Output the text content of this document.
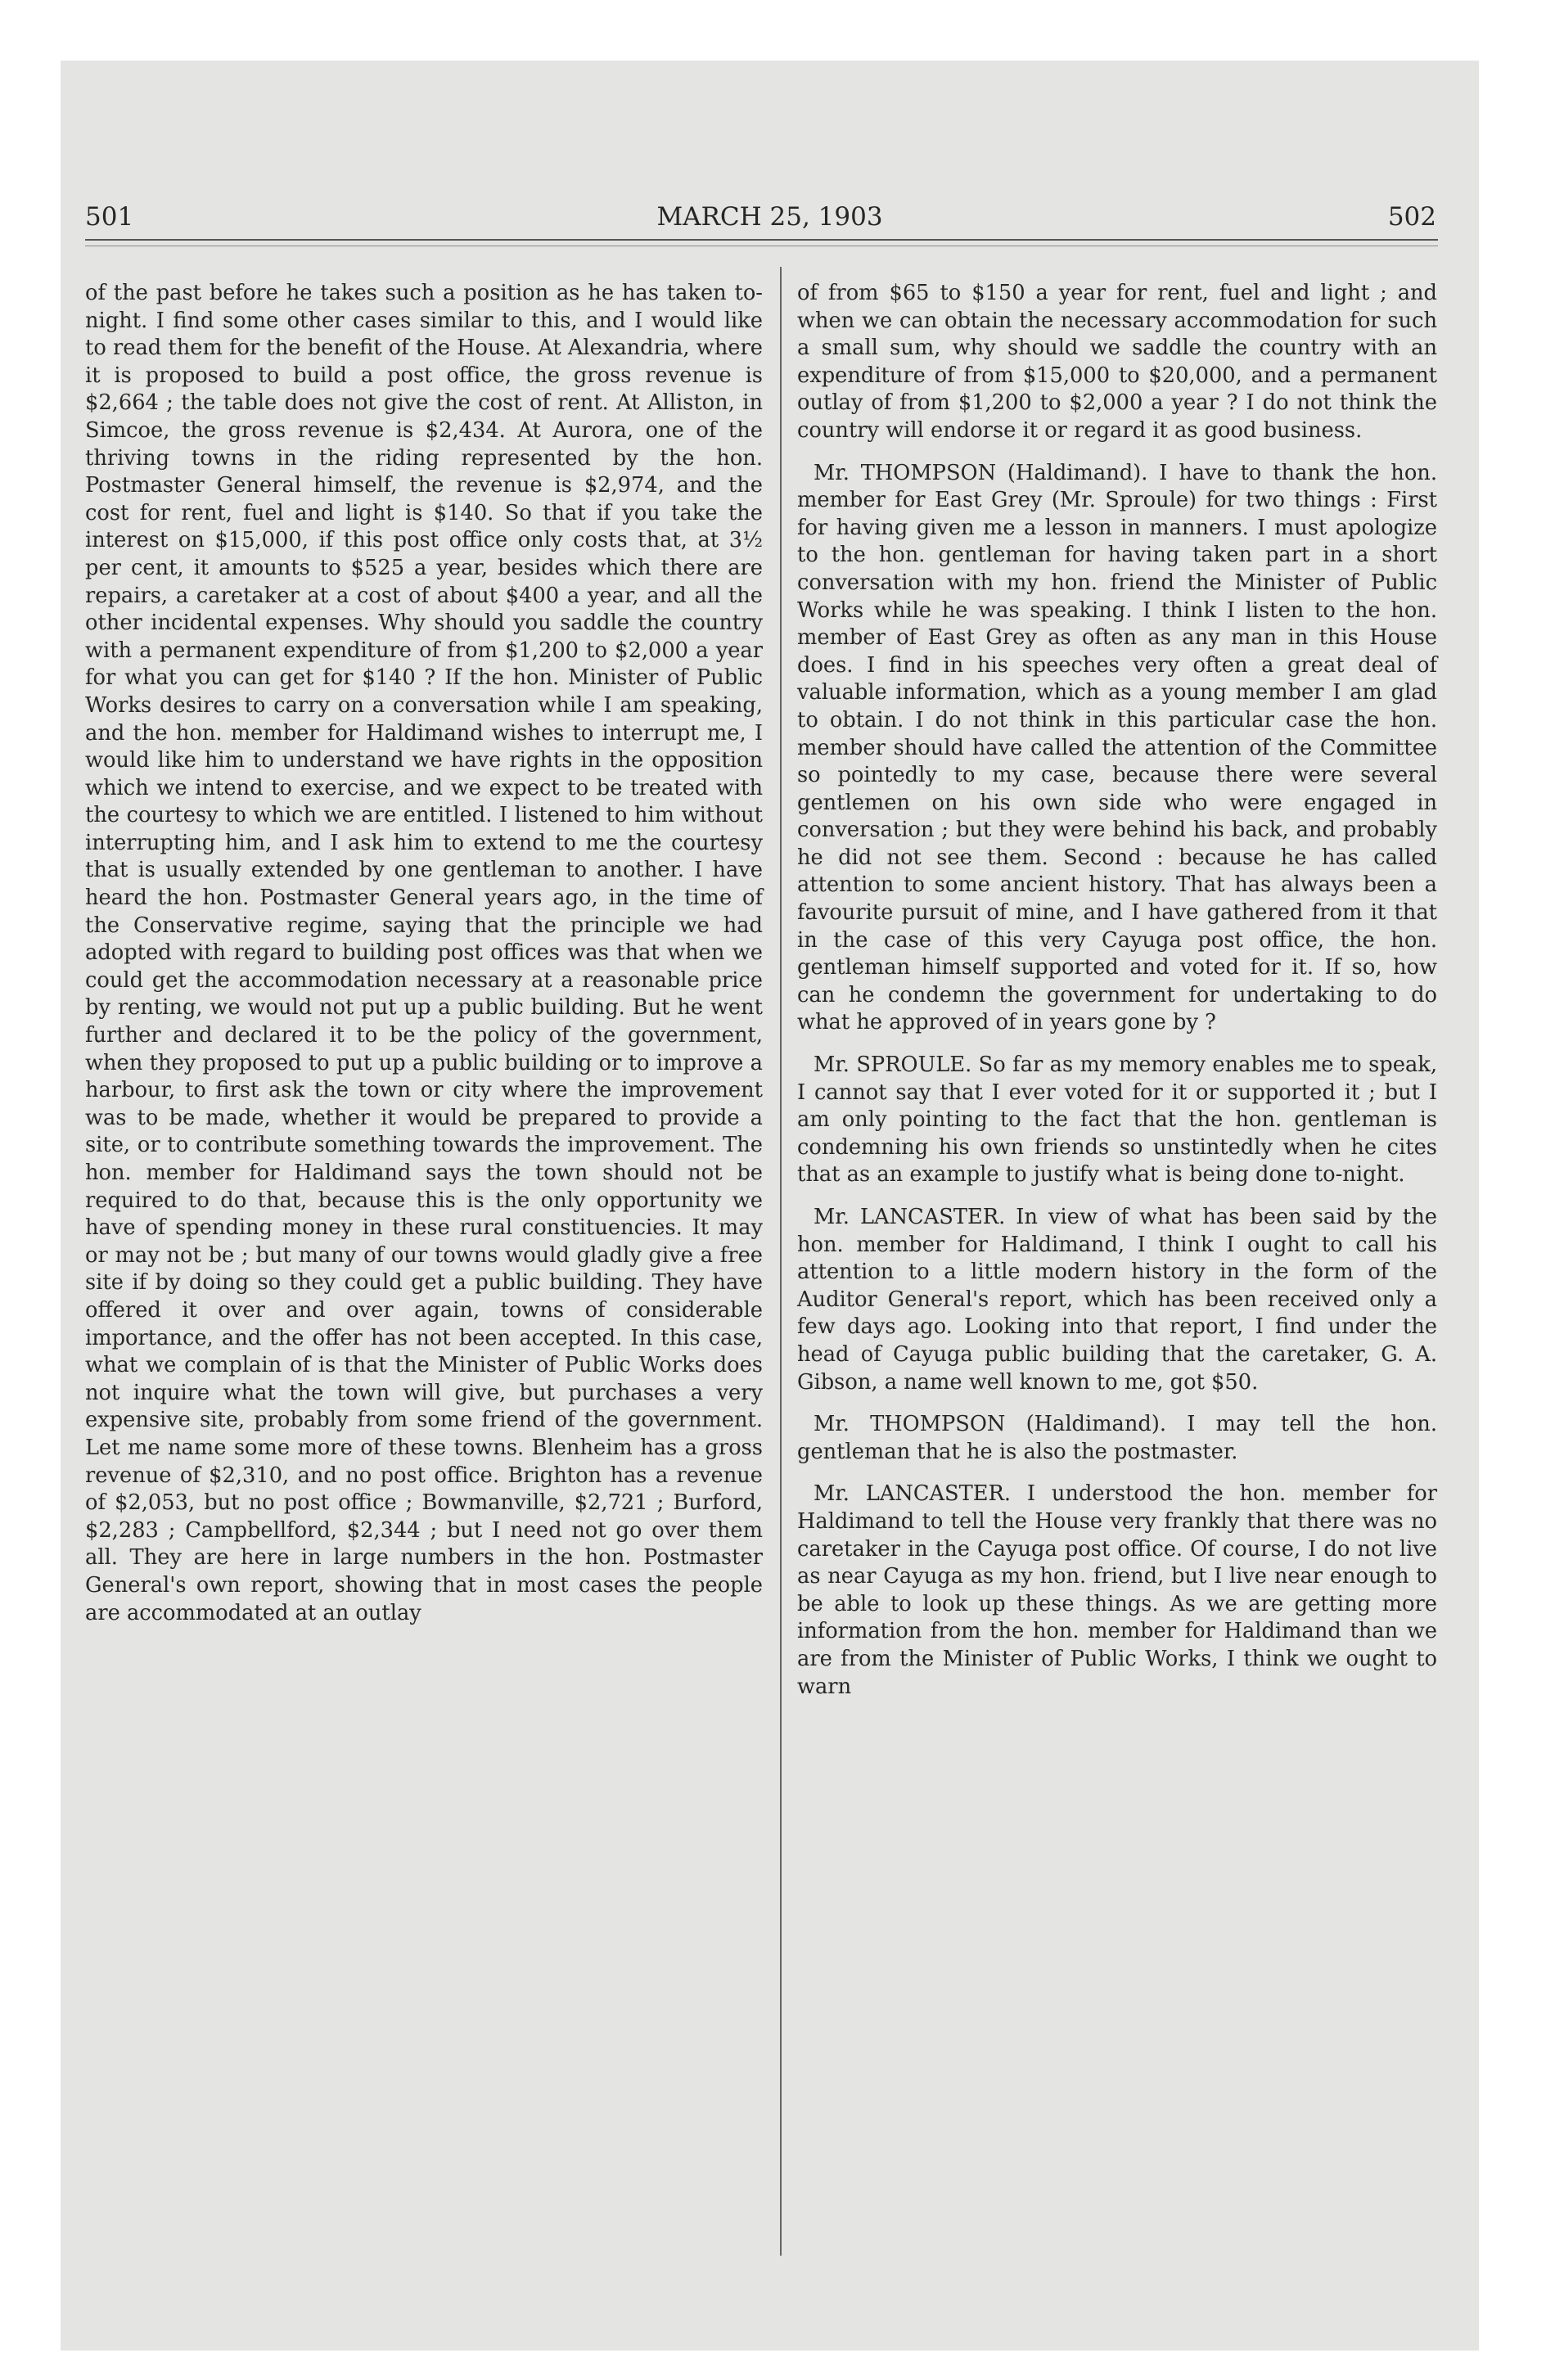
501	MARCH 25, 1903	502

of the past before he takes such a position as he has taken to-night. I find some other cases similar to this, and I would like to read them for the benefit of the House. At Alexandria, where it is proposed to build a post office, the gross revenue is $2,664 ; the table does not give the cost of rent. At Alliston, in Simcoe, the gross revenue is $2,434. At Aurora, one of the thriving towns in the riding represented by the hon. Postmaster General himself, the revenue is $2,974, and the cost for rent, fuel and light is $140. So that if you take the interest on $15,000, if this post office only costs that, at 3½ per cent, it amounts to $525 a year, besides which there are repairs, a caretaker at a cost of about $400 a year, and all the other incidental expenses. Why should you saddle the country with a permanent expenditure of from $1,200 to $2,000 a year for what you can get for $140 ? If the hon. Minister of Public Works desires to carry on a conversation while I am speaking, and the hon. member for Haldimand wishes to interrupt me, I would like him to understand we have rights in the opposition which we intend to exercise, and we expect to be treated with the courtesy to which we are entitled. I listened to him without interrupting him, and I ask him to extend to me the courtesy that is usually extended by one gentleman to another. I have heard the hon. Postmaster General years ago, in the time of the Conservative regime, saying that the principle we had adopted with regard to building post offices was that when we could get the accommodation necessary at a reasonable price by renting, we would not put up a public building. But he went further and declared it to be the policy of the government, when they proposed to put up a public building or to improve a harbour, to first ask the town or city where the improvement was to be made, whether it would be prepared to provide a site, or to contribute something towards the improvement. The hon. member for Haldimand says the town should not be required to do that, because this is the only opportunity we have of spending money in these rural constituencies. It may or may not be ; but many of our towns would gladly give a free site if by doing so they could get a public building. They have offered it over and over again, towns of considerable importance, and the offer has not been accepted. In this case, what we complain of is that the Minister of Public Works does not inquire what the town will give, but purchases a very expensive site, probably from some friend of the government. Let me name some more of these towns. Blenheim has a gross revenue of $2,310, and no post office. Brighton has a revenue of $2,053, but no post office ; Bowmanville, $2,721 ; Burford, $2,283 ; Campbellford, $2,344 ; but I need not go over them all. They are here in large numbers in the hon. Postmaster General's own report, showing that in most cases the people are accommodated at an outlay

of from $65 to $150 a year for rent, fuel and light ; and when we can obtain the necessary accommodation for such a small sum, why should we saddle the country with an expenditure of from $15,000 to $20,000, and a permanent outlay of from $1,200 to $2,000 a year ? I do not think the country will endorse it or regard it as good business.

Mr. THOMPSON (Haldimand). I have to thank the hon. member for East Grey (Mr. Sproule) for two things : First for having given me a lesson in manners. I must apologize to the hon. gentleman for having taken part in a short conversation with my hon. friend the Minister of Public Works while he was speaking. I think I listen to the hon. member of East Grey as often as any man in this House does. I find in his speeches very often a great deal of valuable information, which as a young member I am glad to obtain. I do not think in this particular case the hon. member should have called the attention of the Committee so pointedly to my case, because there were several gentlemen on his own side who were engaged in conversation ; but they were behind his back, and probably he did not see them. Second : because he has called attention to some ancient history. That has always been a favourite pursuit of mine, and I have gathered from it that in the case of this very Cayuga post office, the hon. gentleman himself supported and voted for it. If so, how can he condemn the government for undertaking to do what he approved of in years gone by ?

Mr. SPROULE. So far as my memory enables me to speak, I cannot say that I ever voted for it or supported it ; but I am only pointing to the fact that the hon. gentleman is condemning his own friends so unstintedly when he cites that as an example to justify what is being done to-night.

Mr. LANCASTER. In view of what has been said by the hon. member for Haldimand, I think I ought to call his attention to a little modern history in the form of the Auditor General's report, which has been received only a few days ago. Looking into that report, I find under the head of Cayuga public building that the caretaker, G. A. Gibson, a name well known to me, got $50.

Mr. THOMPSON (Haldimand). I may tell the hon. gentleman that he is also the postmaster.

Mr. LANCASTER. I understood the hon. member for Haldimand to tell the House very frankly that there was no caretaker in the Cayuga post office. Of course, I do not live as near Cayuga as my hon. friend, but I live near enough to be able to look up these things. As we are getting more information from the hon. member for Haldimand than we are from the Minister of Public Works, I think we ought to warn
